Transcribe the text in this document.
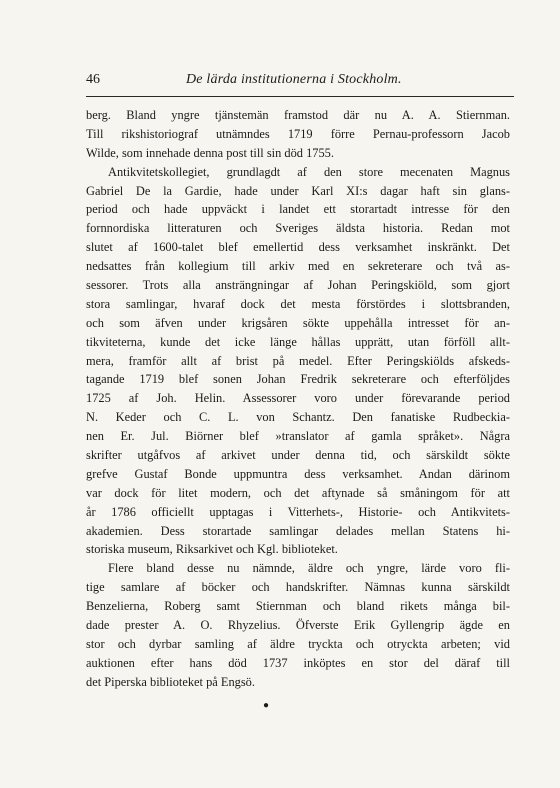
46	De lärda institutionerna i Stockholm.
berg. Bland yngre tjänstemän framstod där nu A. A. Stiernman.
Till rikshistoriograf utnämndes 1719 förre Pernau-professorn Jacob
Wilde, som innehade denna post till sin död 1755.
Antikvitetskollegiet, grundlagdt af den store mecenaten Magnus
Gabriel De la Gardie, hade under Karl XI:s dagar haft sin glans-
period och hade uppväckt i landet ett storartadt intresse för den
fornnordiska litteraturen och Sveriges äldsta historia. Redan mot
slutet af 1600-talet blef emellertid dess verksamhet inskränkt. Det
nedsattes från kollegium till arkiv med en sekreterare och två as-
sessorer. Trots alla ansträngningar af Johan Peringskiöld, som gjort
stora samlingar, hvaraf dock det mesta förstördes i slottsbranden,
och som äfven under krigsåren sökte uppehålla intresset för an-
tikviteterna, kunde det icke länge hållas upprätt, utan förföll allt-
mera, framför allt af brist på medel. Efter Peringskiölds afskeds-
tagande 1719 blef sonen Johan Fredrik sekreterare och efterföljdes
1725 af Joh. Helin. Assessorer voro under förevarande period
N. Keder och C. L. von Schantz. Den fanatiske Rudbeckia-
nen Er. Jul. Biörner blef »translator af gamla språket». Några
skrifter utgåfvos af arkivet under denna tid, och särskildt sökte
grefve Gustaf Bonde uppmuntra dess verksamhet. Andan därinom
var dock för litet modern, och det aftynade så småningom för att
år 1786 officiellt upptagas i Vitterhets-, Historie- och Antikvitets-
akademien. Dess storartade samlingar delades mellan Statens hi-
storiska museum, Riksarkivet och Kgl. biblioteket.
Flere bland desse nu nämnde, äldre och yngre, lärde voro fli-
tige samlare af böcker och handskrifter. Nämnas kunna särskildt
Benzelierna, Roberg samt Stiernman och bland rikets många bil-
dade prester A. O. Rhyzelius. Öfverste Erik Gyllengrip ägde en
stor och dyrbar samling af äldre tryckta och otryckta arbeten; vid
auktionen efter hans död 1737 inköptes en stor del däraf till
det Piperska biblioteket på Engsö.
●
